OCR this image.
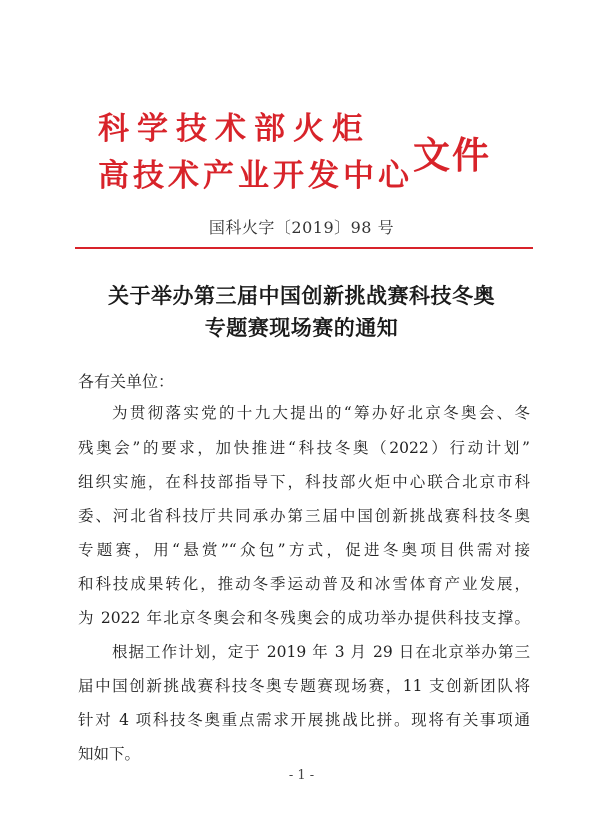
科学技术部火炬
高技术产业开发中心 文件
国科火字〔2019〕98 号
关于举办第三届中国创新挑战赛科技冬奥
专题赛现场赛的通知
各有关单位：
为贯彻落实党的十九大提出的“筹办好北京冬奥会、冬
残奥会”的要求，加快推进“科技冬奥（2022）行动计划”
组织实施，在科技部指导下，科技部火炬中心联合北京市科
委、河北省科技厅共同承办第三届中国创新挑战赛科技冬奥
专题赛，用“悬赏”“众包”方式，促进冬奥项目供需对接
和科技成果转化，推动冬季运动普及和冰雪体育产业发展，
为 2022 年北京冬奥会和冬残奥会的成功举办提供科技支撑。
根据工作计划，定于 2019 年 3 月 29 日在北京举办第三
届中国创新挑战赛科技冬奥专题赛现场赛，11 支创新团队将
针对 4 项科技冬奥重点需求开展挑战比拼。现将有关事项通
知如下。
- 1 -
